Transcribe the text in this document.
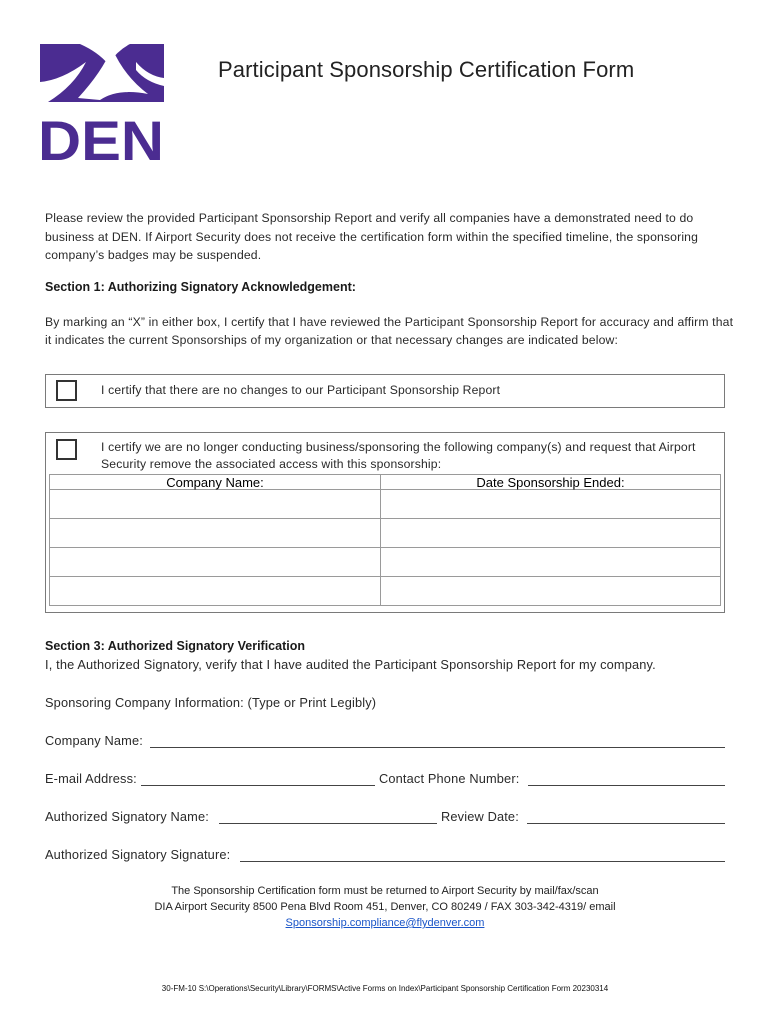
DEN
Participant Sponsorship Certification Form
Please review the provided Participant Sponsorship Report and verify all companies have a demonstrated need to do business at DEN. If Airport Security does not receive the certification form within the specified timeline, the sponsoring company’s badges may be suspended.
Section 1: Authorizing Signatory Acknowledgement:
By marking an “X” in either box, I certify that I have reviewed the Participant Sponsorship Report for accuracy and affirm that it indicates the current Sponsorships of my organization or that necessary changes are indicated below:
I certify that there are no changes to our Participant Sponsorship Report
I certify we are no longer conducting business/sponsoring the following company(s) and request that Airport Security remove the associated access with this sponsorship:
Company Name:	Date Sponsorship Ended:

Section 3: Authorized Signatory Verification
I, the Authorized Signatory, verify that I have audited the Participant Sponsorship Report for my company.
Sponsoring Company Information: (Type or Print Legibly)
Company Name:
E-mail Address:	Contact Phone Number:
Authorized Signatory Name:	Review Date:
Authorized Signatory Signature:
The Sponsorship Certification form must be returned to Airport Security by mail/fax/scan
DIA Airport Security 8500 Pena Blvd Room 451, Denver, CO 80249 / FAX 303-342-4319/ email
Sponsorship.compliance@flydenver.com
30-FM-10 S:\Operations\Security\Library\FORMS\Active Forms on Index\Participant Sponsorship Certification Form 20230314
